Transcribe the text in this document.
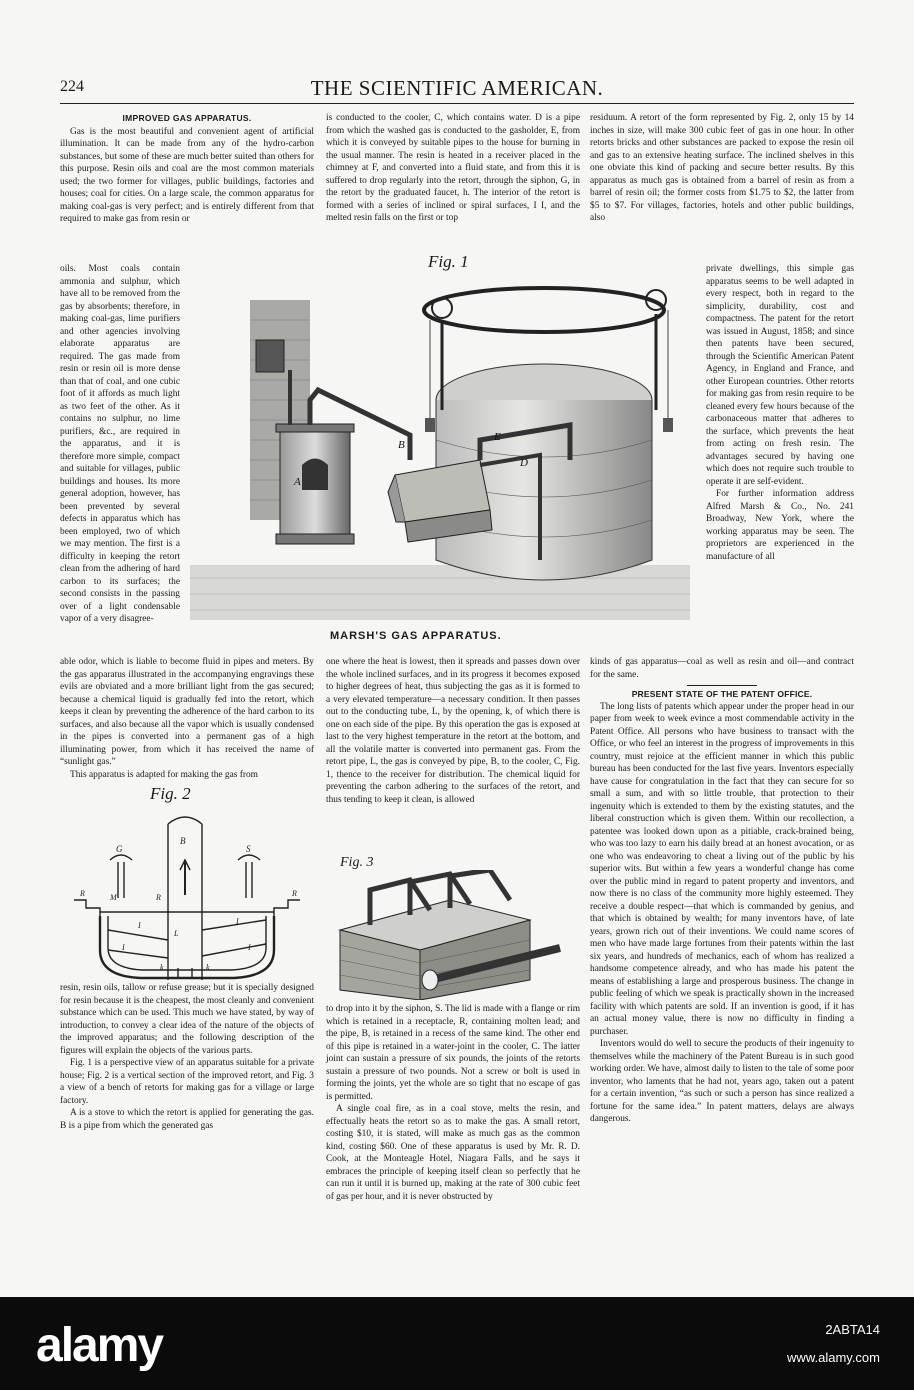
224	THE SCIENTIFIC AMERICAN.
IMPROVED GAS APPARATUS.

Gas is the most beautiful and convenient agent of artificial illumination. It can be made from any of the hydro-carbon substances, but some of these are much better suited than others for this purpose. Resin oils and coal are the most common materials used; the two former for villages, public buildings, factories and houses; coal for cities. On a large scale, the common apparatus for making coal-gas is very perfect; and is entirely different from that required to make gas from resin or

oils. Most coals contain ammonia and sulphur, which have all to be removed from the gas by absorbents; therefore, in making coal-gas, lime purifiers and other agencies involving elaborate apparatus are required. The gas made from resin or resin oil is more dense than that of coal, and one cubic foot of it affords as much light as two feet of the other. As it contains no sulphur, no lime purifiers, &c., are required in the apparatus, and it is therefore more simple, compact and suitable for villages, public buildings and houses. Its more general adoption, however, has been prevented by several defects in apparatus which has been employed, two of which we may mention. The first is a difficulty in keeping the retort clean from the adhering of hard carbon to its surfaces; the second consists in the passing over of a light condensable vapor of a very disagree-

able odor, which is liable to become fluid in pipes and meters. By the gas apparatus illustrated in the accompanying engravings these evils are obviated and a more brilliant light from the gas secured; because a chemical liquid is gradually fed into the retort, which keeps it clean by preventing the adherence of the hard carbon to its surfaces, and also because all the vapor which is usually condensed in the pipes is converted into a permanent gas of a high illuminating power, from which it has received the name of “sunlight gas.”

This apparatus is adapted for making the gas from

Fig. 2
G	S
B
R	M	R	R
I	I
I	I
L
k	k

resin, resin oils, tallow or refuse grease; but it is specially designed for resin because it is the cheapest, the most cleanly and convenient substance which can be used. This much we have stated, by way of introduction, to convey a clear idea of the nature of the objects of the improved apparatus; and the following description of the figures will explain the objects of the various parts.

Fig. 1 is a perspective view of an apparatus suitable for a private house; Fig. 2 is a vertical section of the improved retort, and Fig. 3 a view of a bench of retorts for making gas for a village or large factory.

A is a stove to which the retort is applied for generating the gas. B is a pipe from which the generated gas

is conducted to the cooler, C, which contains water. D is a pipe from which the washed gas is conducted to the gasholder, E, from which it is conveyed by suitable pipes to the house for burning in the usual manner. The resin is heated in a receiver placed in the chimney at F, and converted into a fluid state, and from this it is suffered to drop regularly into the retort, through the siphon, G, in the retort by the graduated faucet, h. The interior of the retort is formed with a series of inclined or spiral surfaces, I I, and the melted resin falls on the first or top

Fig. 1
A
B
E
D
MARSH'S GAS APPARATUS.

one where the heat is lowest, then it spreads and passes down over the whole inclined surfaces, and in its progress it becomes exposed to higher degrees of heat, thus subjecting the gas as it is formed to a very elevated temperature—a necessary condition. It then passes out to the conducting tube, L, by the opening, k, of which there is one on each side of the pipe. By this operation the gas is exposed at last to the very highest temperature in the retort at the bottom, and all the volatile matter is converted into permanent gas. From the retort pipe, L, the gas is conveyed by pipe, B, to the cooler, C, Fig. 1, thence to the receiver for distribution. The chemical liquid for preventing the carbon adhering to the surfaces of the retort, and thus tending to keep it clean, is allowed

Fig. 3

to drop into it by the siphon, S. The lid is made with a flange or rim which is retained in a receptacle, R, containing molten lead; and the pipe, B, is retained in a recess of the same kind. The other end of this pipe is retained in a water-joint in the cooler, C. The latter joint can sustain a pressure of six pounds, the joints of the retorts sustain a pressure of two pounds. Not a screw or bolt is used in forming the joints, yet the whole are so tight that no escape of gas is permitted.

A single coal fire, as in a coal stove, melts the resin, and effectually heats the retort so as to make the gas. A small retort, costing $10, it is stated, will make as much gas as the common kind, costing $60. One of these apparatus is used by Mr. R. D. Cook, at the Monteagle Hotel, Niagara Falls, and he says it embraces the principle of keeping itself clean so perfectly that he can run it until it is burned up, making at the rate of 300 cubic feet of gas per hour, and it is never obstructed by

residuum. A retort of the form represented by Fig. 2, only 15 by 14 inches in size, will make 300 cubic feet of gas in one hour. In other retorts bricks and other substances are packed to expose the resin oil and gas to an extensive heating surface. The inclined shelves in this one obviate this kind of packing and secure better results. By this apparatus as much gas is obtained from a barrel of resin as from a barrel of resin oil; the former costs from $1.75 to $2, the latter from $5 to $7. For villages, factories, hotels and other public buildings, also

private dwellings, this simple gas apparatus seems to be well adapted in every respect, both in regard to the simplicity, durability, cost and compactness. The patent for the retort was issued in August, 1858; and since then patents have been secured, through the Scientific American Patent Agency, in England and France, and other European countries. Other retorts for making gas from resin require to be cleaned every few hours because of the carbonaceous matter that adheres to the surface, which prevents the heat from acting on fresh resin. The advantages secured by having one which does not require such trouble to operate it are self-evident.

For further information address Alfred Marsh & Co., No. 241 Broadway, New York, where the working apparatus may be seen. The proprietors are experienced in the manufacture of all

kinds of gas apparatus—coal as well as resin and oil—and contract for the same.

PRESENT STATE OF THE PATENT OFFICE.

The long lists of patents which appear under the proper head in our paper from week to week evince a most commendable activity in the Patent Office. All persons who have business to transact with the Office, or who feel an interest in the progress of improvements in this country, must rejoice at the efficient manner in which this public bureau has been conducted for the last five years. Inventors especially have cause for congratulation in the fact that they can secure for so small a sum, and with so little trouble, that protection to their ingenuity which is extended to them by the existing statutes, and the liberal construction which is given them. Within our recollection, a patentee was looked down upon as a pitiable, crack-brained being, who was too lazy to earn his daily bread at an honest avocation, or as one who was endeavoring to cheat a living out of the public by his superior wits. But within a few years a wonderful change has come over the public mind in regard to patent property and inventors, and now there is no class of the community more highly esteemed. They receive a double respect—that which is commanded by genius, and that which is obtained by wealth; for many inventors have, of late years, grown rich out of their inventions. We could name scores of men who have made large fortunes from their patents within the last six years, and hundreds of mechanics, each of whom has realized a handsome competence already, and who has made his patent the means of establishing a large and prosperous business. The change in public feeling of which we speak is practically shown in the increased facility with which patents are sold. If an invention is good, if it has an actual money value, there is now no difficulty in finding a purchaser.

Inventors would do well to secure the products of their ingenuity to themselves while the machinery of the Patent Bureau is in such good working order. We have, almost daily to listen to the tale of some poor inventor, who laments that he had not, years ago, taken out a patent for a certain invention, “as such or such a person has since realized a fortune for the same idea.” In patent matters, delays are always dangerous.

alamy	2ABTA14
www.alamy.com
